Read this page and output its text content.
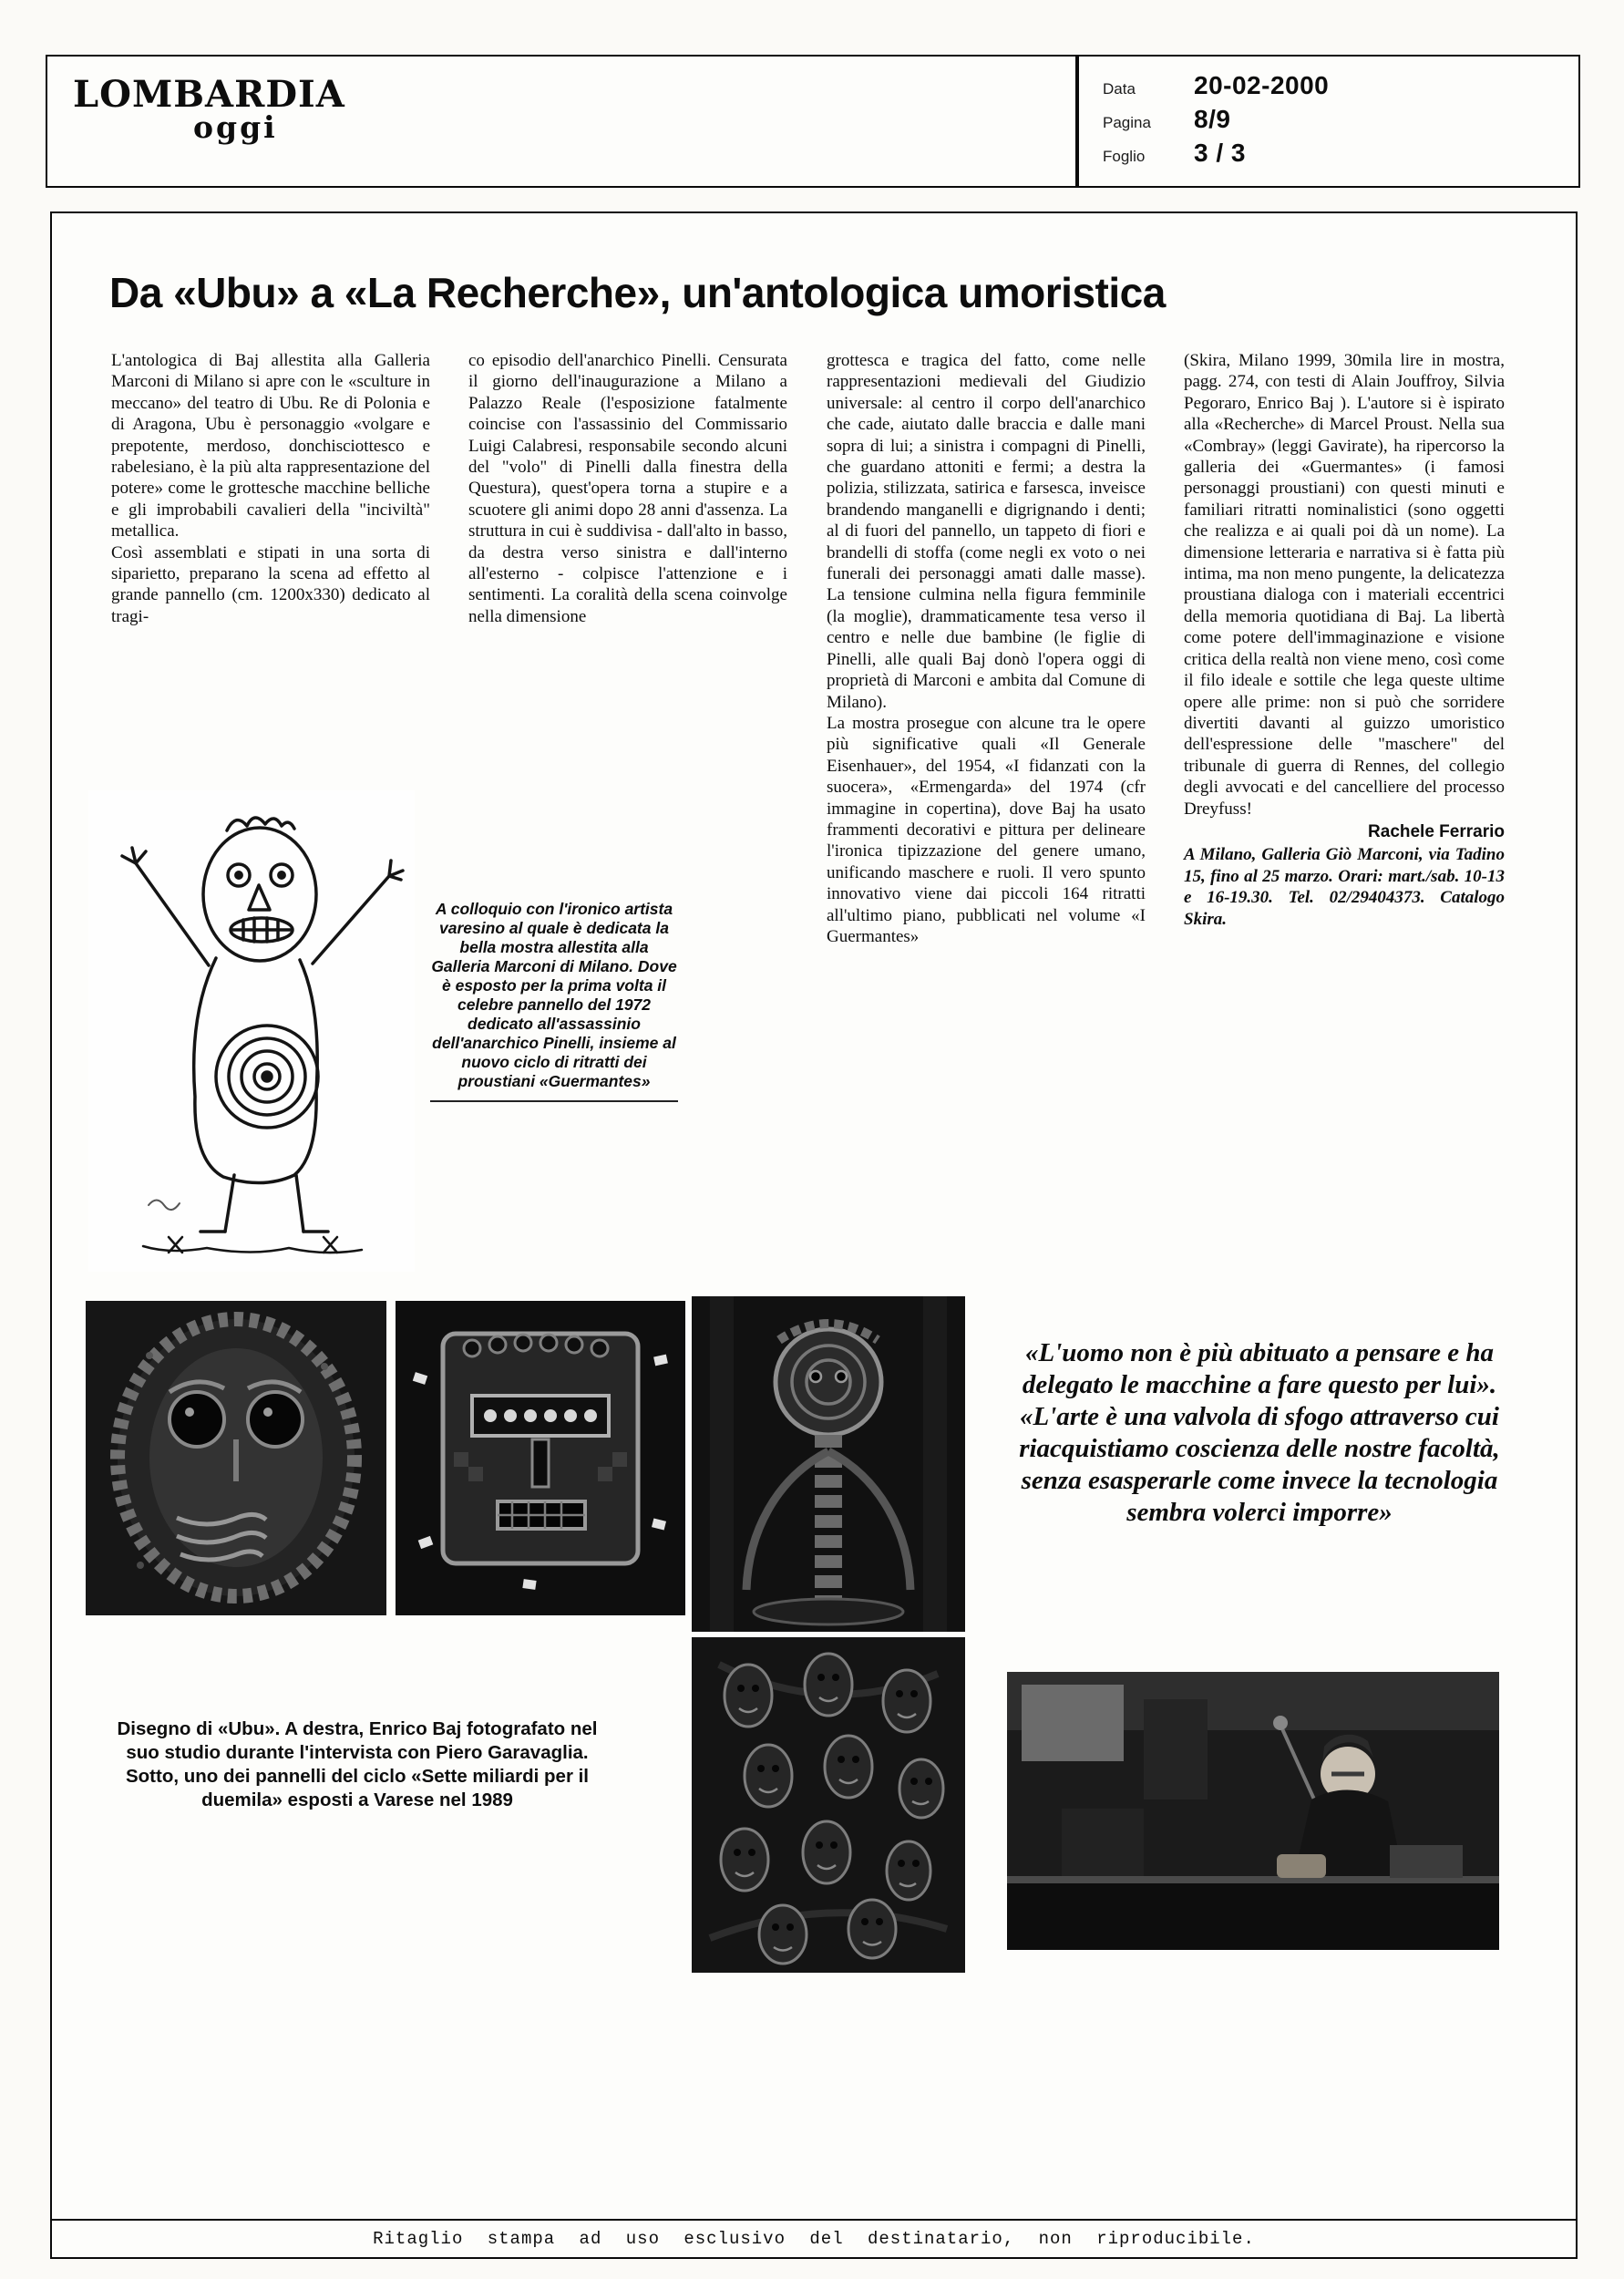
LOMBARDIA
oggi
Data	20-02-2000
Pagina	8/9
Foglio	3 / 3
Da «Ubu» a «La Recherche», un'antologica umoristica

L'antologica di Baj allestita alla Galleria Marconi di Milano si apre con le «sculture in meccano» del teatro di Ubu. Re di Polonia e di Aragona, Ubu è personaggio «volgare e prepotente, merdoso, donchisciottesco e rabelesiano, è la più alta rappresentazione del potere» come le grottesche macchine belliche e gli improbabili cavalieri della "inciviltà" metallica.

Così assemblati e stipati in una sorta di siparietto, preparano la scena ad effetto al grande pannello (cm. 1200x330) dedicato al tragi-

co episodio dell'anarchico Pinelli. Censurata il giorno dell'inaugurazione a Milano a Palazzo Reale (l'esposizione fatalmente coincise con l'assassinio del Commissario Luigi Calabresi, responsabile secondo alcuni del "volo" di Pinelli dalla finestra della Questura), quest'opera torna a stupire e a scuotere gli animi dopo 28 anni d'assenza. La struttura in cui è suddivisa - dall'alto in basso, da destra verso sinistra e dall'interno all'esterno - colpisce l'attenzione e i sentimenti. La coralità della scena coinvolge nella dimensione

grottesca e tragica del fatto, come nelle rappresentazioni medievali del Giudizio universale: al centro il corpo dell'anarchico che cade, aiutato dalle braccia e dalle mani sopra di lui; a sinistra i compagni di Pinelli, che guardano attoniti e fermi; a destra la polizia, stilizzata, satirica e farsesca, inveisce brandendo manganelli e digrignando i denti; al di fuori del pannello, un tappeto di fiori e brandelli di stoffa (come negli ex voto o nei funerali dei personaggi amati dalle masse). La tensione culmina nella figura femminile (la moglie), drammaticamente tesa verso il centro e nelle due bambine (le figlie di Pinelli, alle quali Baj donò l'opera oggi di proprietà di Marconi e ambita dal Comune di Milano).

La mostra prosegue con alcune tra le opere più significative quali «Il Generale Eisenhauer», del 1954, «I fidanzati con la suocera», «Ermengarda» del 1974 (cfr immagine in copertina), dove Baj ha usato frammenti decorativi e pittura per delineare l'ironica tipizzazione del genere umano, unificando maschere e ruoli. Il vero spunto innovativo viene dai piccoli 164 ritratti all'ultimo piano, pubblicati nel volume «I Guermantes»

(Skira, Milano 1999, 30mila lire in mostra, pagg. 274, con testi di Alain Jouffroy, Silvia Pegoraro, Enrico Baj ). L'autore si è ispirato alla «Recherche» di Marcel Proust. Nella sua «Combray» (leggi Gavirate), ha ripercorso la galleria dei «Guermantes» (i famosi personaggi proustiani) con questi minuti e familiari ritratti nominalistici (sono oggetti che realizza e ai quali poi dà un nome). La dimensione letteraria e narrativa si è fatta più intima, ma non meno pungente, la delicatezza proustiana dialoga con i materiali eccentrici della memoria quotidiana di Baj. La libertà come potere dell'immaginazione e visione critica della realtà non viene meno, così come il filo ideale e sottile che lega queste ultime opere alle prime: non si può che sorridere divertiti davanti al guizzo umoristico dell'espressione delle "maschere" del tribunale di guerra di Rennes, del collegio degli avvocati e del cancelliere del processo Dreyfuss!

Rachele Ferrario

A Milano, Galleria Giò Marconi, via Tadino 15, fino al 25 marzo. Orari: mart./sab. 10-13 e 16-19.30. Tel. 02/29404373. Catalogo Skira.

A colloquio con l'ironico artista varesino al quale è dedicata la bella mostra allestita alla Galleria Marconi di Milano. Dove è esposto per la prima volta il celebre pannello del 1972 dedicato all'assassinio dell'anarchico Pinelli, insieme al nuovo ciclo di ritratti dei proustiani «Guermantes»
«L'uomo non è più abituato a pensare e ha delegato le macchine a fare questo per lui». «L'arte è una valvola di sfogo attraverso cui riacquistiamo coscienza delle nostre facoltà, senza esasperarle come invece la tecnologia sembra volerci imporre»
Disegno di «Ubu». A destra, Enrico Baj fotografato nel suo studio durante l'intervista con Piero Garavaglia. Sotto, uno dei pannelli del ciclo «Sette miliardi per il duemila» esposti a Varese nel 1989
Ritaglio stampa ad uso esclusivo del destinatario, non riproducibile.
